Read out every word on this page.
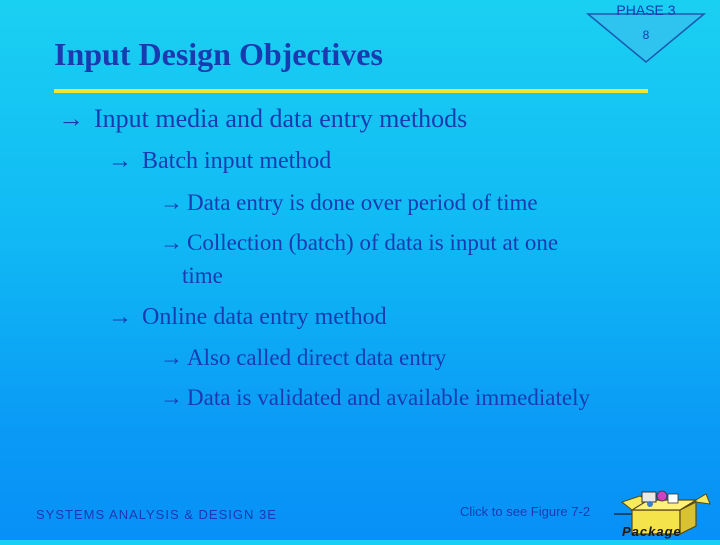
Input Design Objectives
PHASE 3
8
→ Input media and data entry methods
→ Batch input method
→ Data entry is done over period of time
→ Collection (batch) of data is input at one
time
→ Online data entry method
→ Also called direct data entry
→ Data is validated and available immediately
SYSTEMS ANALYSIS & DESIGN 3E	Click to see Figure 7-2
Package
